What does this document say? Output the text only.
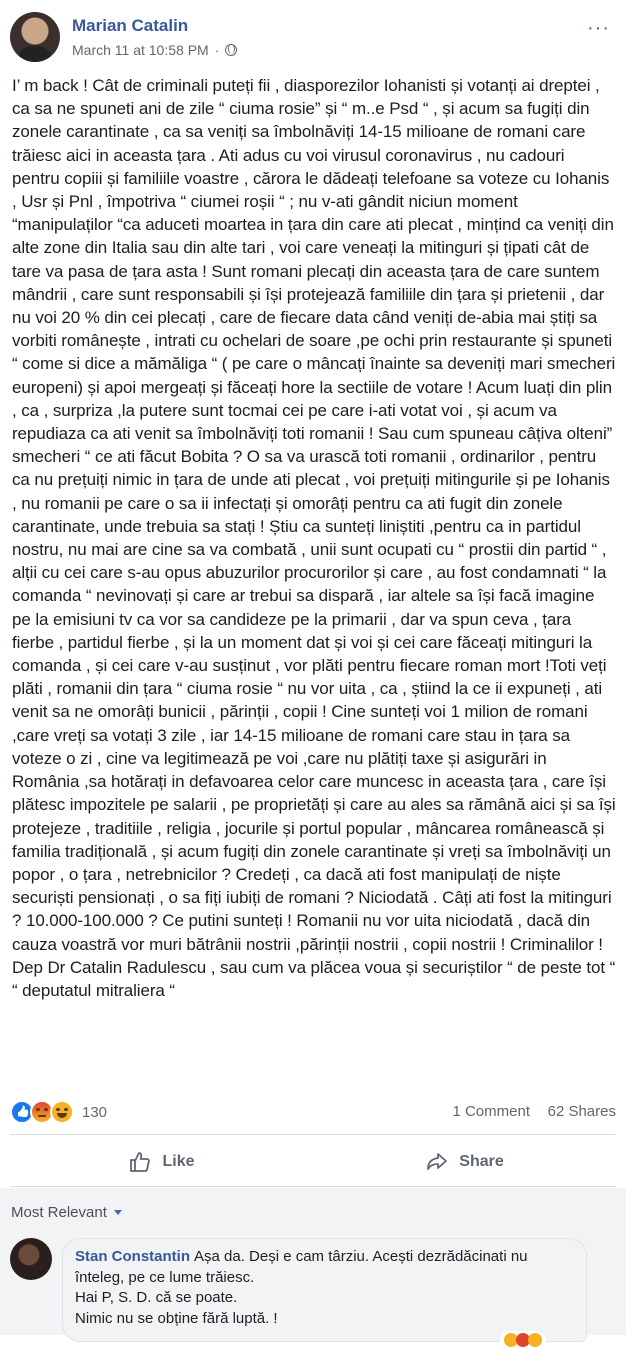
Marian Catalin
March 11 at 10:58 PM ·
···

I’ m back ! Cât de criminali puteți fii , diasporezilor Iohanisti și votanți ai dreptei , ca sa ne spuneti ani de zile “ ciuma rosie” și “ m..e Psd “ , și acum sa fugiți din zonele carantinate , ca sa veniți sa îmbolnăviți 14-15 milioane de romani care trăiesc aici in aceasta țara . Ati adus cu voi virusul coronavirus , nu cadouri pentru copiii și familiile voastre , cărora le dădeați telefoane sa voteze cu Iohanis , Usr și Pnl , împotriva “ ciumei roșii “ ; nu v-ati gândit niciun moment “manipulaților “ca aduceti moartea in țara din care ati plecat , mințind ca veniți din alte zone din Italia sau din alte tari , voi care veneați la mitinguri și țipati cât de tare va pasa de țara asta ! Sunt romani plecați din aceasta țara de care suntem mândrii , care sunt responsabili și își protejează familiile din țara și prietenii , dar nu voi 20 % din cei plecați , care de fiecare data când veniți de-abia mai știți sa vorbiti românește , intrati cu ochelari de soare ,pe ochi prin restaurante și spuneti “ come si dice a mămăliga “ ( pe care o mâncați înainte sa deveniți mari smecheri europeni) și apoi mergeați și făceați hore la sectiile de votare ! Acum luați din plin , ca , surpriza ,la putere sunt tocmai cei pe care i-ati votat voi , și acum va repudiaza ca ati venit sa îmbolnăviți toti romanii ! Sau cum spuneau câțiva olteni” smecheri “ ce ati făcut Bobita ? O sa va urască toti romanii , ordinarilor , pentru ca nu prețuiți nimic in țara de unde ati plecat , voi prețuiți mitingurile și pe Iohanis , nu romanii pe care o sa ii infectați și omorâți pentru ca ati fugit din zonele carantinate, unde trebuia sa stați ! Știu ca sunteți liniștiti ,pentru ca in partidul nostru, nu mai are cine sa va combată , unii sunt ocupati cu “ prostii din partid “ , alții cu cei care s-au opus abuzurilor procurorilor și care , au fost condamnati “ la comanda “ nevinovați și care ar trebui sa dispară , iar altele sa își facă imagine pe la emisiuni tv ca vor sa candideze pe la primarii , dar va spun ceva , țara fierbe , partidul fierbe , și la un moment dat și voi și cei care făceați mitinguri la comanda , și cei care v-au susținut , vor plăti pentru fiecare roman mort !Toti veți plăti , romanii din țara “ ciuma rosie “ nu vor uita , ca , știind la ce ii expuneți , ati venit sa ne omorâți bunicii , părinții , copii ! Cine sunteți voi 1 milion de romani ,care vreți sa votați 3 zile , iar 14-15 milioane de romani care stau in țara sa voteze o zi , cine va legitimează pe voi ,care nu plătiți taxe și asigurări in România ,sa hotărați in defavoarea celor care muncesc in aceasta țara , care își plătesc impozitele pe salarii , pe proprietăți și care au ales sa rămână aici și sa își protejeze , traditiile , religia , jocurile și portul popular , mâncarea românească și familia tradițională , și acum fugiți din zonele carantinate și vreți sa îmbolnăviți un popor , o țara , netrebnicilor ? Credeți , ca dacă ati fost manipulați de niște securiști pensionați , o sa fiți iubiți de romani ? Niciodată . Câți ati fost la mitinguri ? 10.000-100.000 ? Ce putini sunteți ! Romanii nu vor uita niciodată , dacă din cauza voastră vor muri bătrânii nostrii ,părinții nostrii , copii nostrii ! Criminalilor ! Dep Dr Catalin Radulescu , sau cum va plăcea voua și securiștilor “ de peste tot “ “ deputatul mitraliera “

👍
130	1 Comment 62 Shares
Like	Share
Most Relevant
Stan Constantin Așa da. Deși e cam târziu. Acești dezrădăcinati nu
înteleg, pe ce lume trăiesc.
Hai P, S. D. că se poate.
Nimic nu se obține fără luptă. !
